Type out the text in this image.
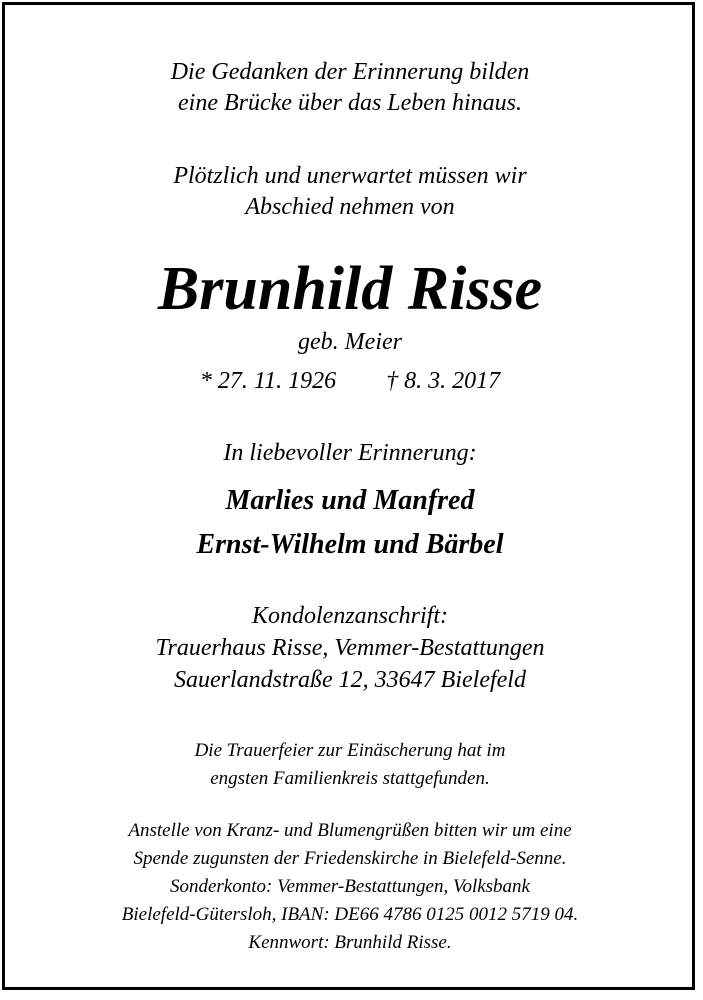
Die Gedanken der Erinnerung bilden
eine Brücke über das Leben hinaus.
Plötzlich und unerwartet müssen wir
Abschied nehmen von
Brunhild Risse
geb. Meier
* 27. 11. 1926 † 8. 3. 2017
In liebevoller Erinnerung:
Marlies und Manfred
Ernst-Wilhelm und Bärbel
Kondolenzanschrift:
Trauerhaus Risse, Vemmer-Bestattungen
Sauerlandstraße 12, 33647 Bielefeld
Die Trauerfeier zur Einäscherung hat im
engsten Familienkreis stattgefunden.
Anstelle von Kranz- und Blumengrüßen bitten wir um eine
Spende zugunsten der Friedenskirche in Bielefeld-Senne.
Sonderkonto: Vemmer-Bestattungen, Volksbank
Bielefeld-Gütersloh, IBAN: DE66 4786 0125 0012 5719 04.
Kennwort: Brunhild Risse.
